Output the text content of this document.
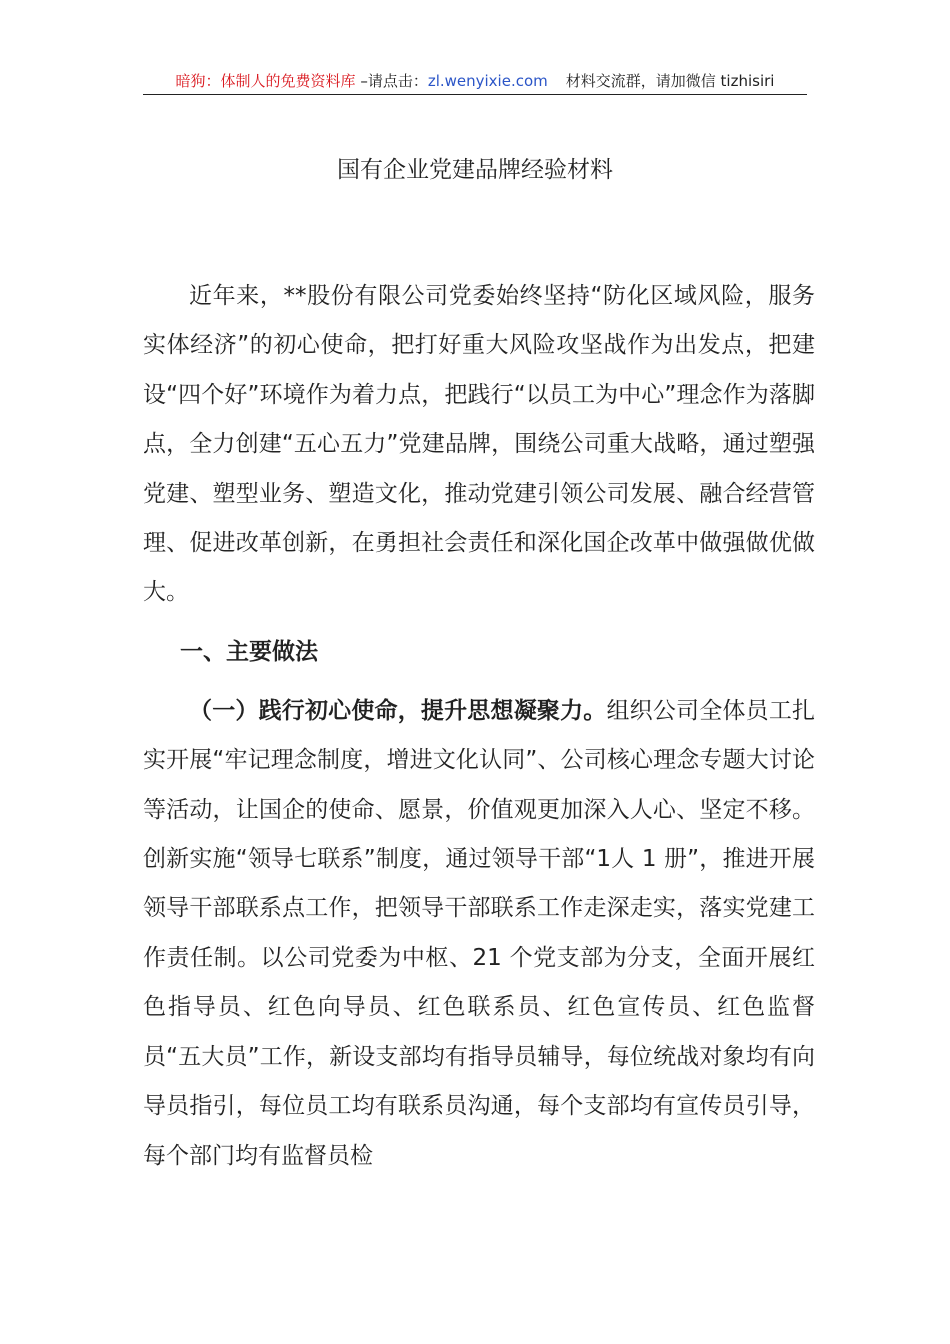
暗狗：体制人的免费资料库 –请点击：zl.wenyixie.com 材料交流群，请加微信 tizhisiri
国有企业党建品牌经验材料

近年来，**股份有限公司党委始终坚持“防化区域风险，服务实体经济”的初心使命，把打好重大风险攻坚战作为出发点，把建设“四个好”环境作为着力点，把践行“以员工为中心”理念作为落脚点，全力创建“五心五力”党建品牌，围绕公司重大战略，通过塑强党建、塑型业务、塑造文化，推动党建引领公司发展、融合经营管理、促进改革创新，在勇担社会责任和深化国企改革中做强做优做大。

一、主要做法

（一）践行初心使命，提升思想凝聚力。组织公司全体员工扎实开展“牢记理念制度，增进文化认同”、公司核心理念专题大讨论等活动，让国企的使命、愿景，价值观更加深入人心、坚定不移。创新实施“领导七联系”制度，通过领导干部“1人 1 册”，推进开展领导干部联系点工作，把领导干部联系工作走深走实，落实党建工作责任制。以公司党委为中枢、21 个党支部为分支，全面开展红色指导员、红色向导员、红色联系员、红色宣传员、红色监督员“五大员”工作，新设支部均有指导员辅导，每位统战对象均有向导员指引，每位员工均有联系员沟通，每个支部均有宣传员引导，每个部门均有监督员检
